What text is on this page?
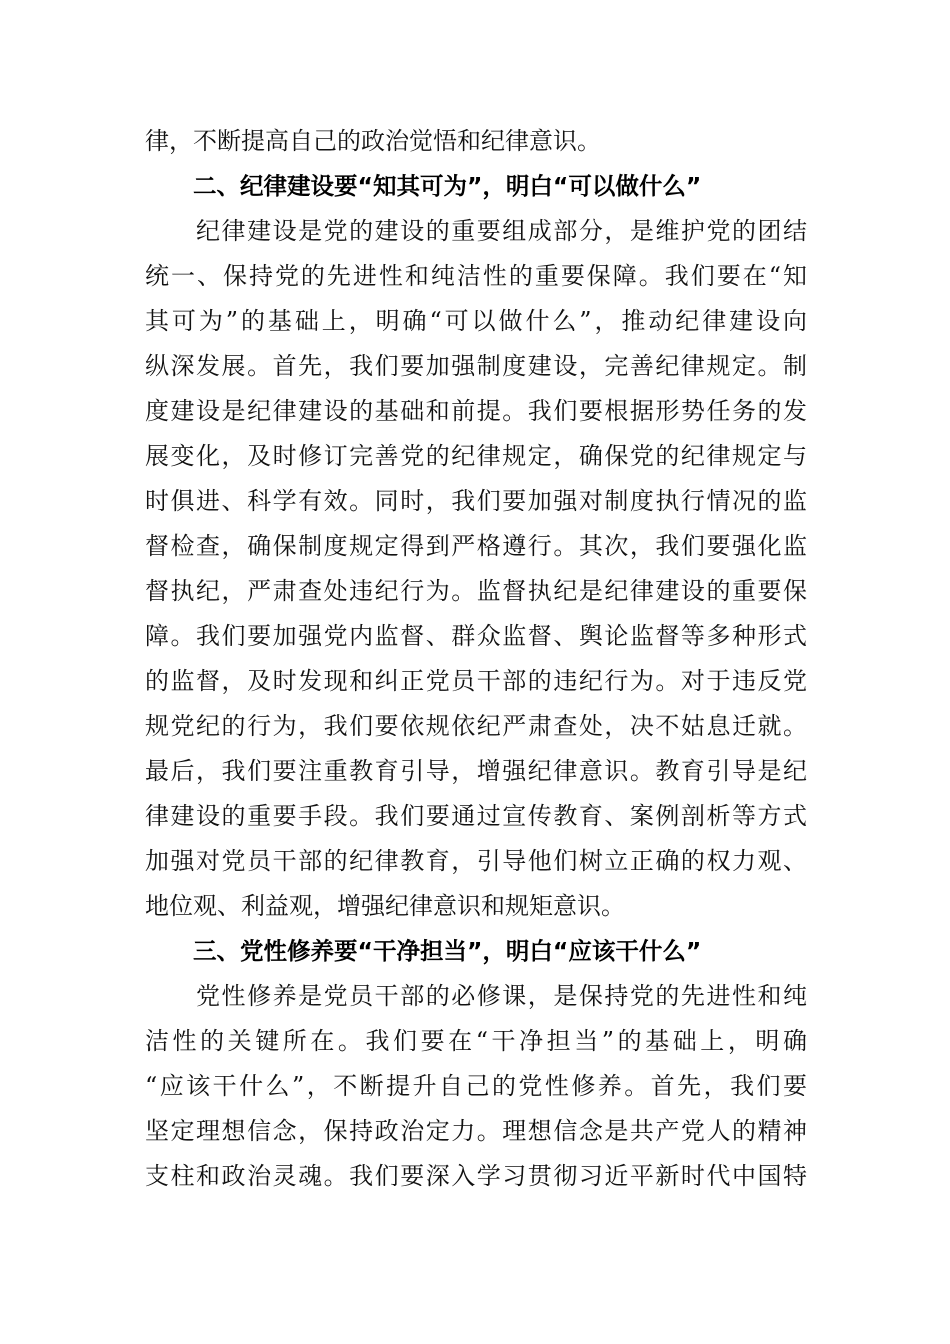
律，不断提高自己的政治觉悟和纪律意识。
二、纪律建设要“知其可为”，明白“可以做什么”
　　纪律建设是党的建设的重要组成部分，是维护党的团结
统一、保持党的先进性和纯洁性的重要保障。我们要在“知
其可为”的基础上，明确“可以做什么”，推动纪律建设向
纵深发展。首先，我们要加强制度建设，完善纪律规定。制
度建设是纪律建设的基础和前提。我们要根据形势任务的发
展变化，及时修订完善党的纪律规定，确保党的纪律规定与
时俱进、科学有效。同时，我们要加强对制度执行情况的监
督检查，确保制度规定得到严格遵行。其次，我们要强化监
督执纪，严肃查处违纪行为。监督执纪是纪律建设的重要保
障。我们要加强党内监督、群众监督、舆论监督等多种形式
的监督，及时发现和纠正党员干部的违纪行为。对于违反党
规党纪的行为，我们要依规依纪严肃查处，决不姑息迁就。
最后，我们要注重教育引导，增强纪律意识。教育引导是纪
律建设的重要手段。我们要通过宣传教育、案例剖析等方式
加强对党员干部的纪律教育，引导他们树立正确的权力观、
地位观、利益观，增强纪律意识和规矩意识。
三、党性修养要“干净担当”，明白“应该干什么”
　　党性修养是党员干部的必修课，是保持党的先进性和纯
洁性的关键所在。我们要在“干净担当”的基础上，明确
“应该干什么”，不断提升自己的党性修养。首先，我们要
坚定理想信念，保持政治定力。理想信念是共产党人的精神
支柱和政治灵魂。我们要深入学习贯彻习近平新时代中国特
